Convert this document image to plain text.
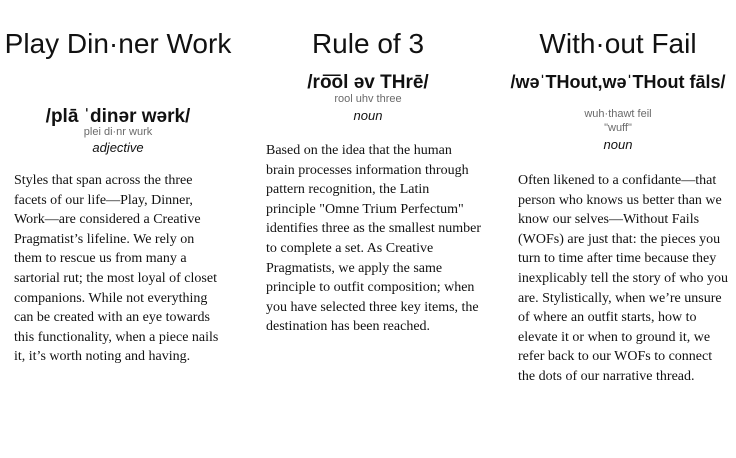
Play Din·ner Work
/plā ˈdinər wərk/
plei di·nr wurk
adjective

Styles that span across the three facets of our life—Play, Dinner, Work—are considered a Creative Pragmatist’s lifeline. We rely on them to rescue us from many a sartorial rut; the most loyal of closet companions. While not everything can be created with an eye towards this functionality, when a piece nails it, it’s worth noting and having.

Rule of 3
/ro͞ol əv THrē/
rool uhv three
noun

Based on the idea that the human brain processes information through pattern recognition, the Latin principle "Omne Trium Perfectum" identifies three as the smallest number to complete a set. As Creative Pragmatists, we apply the same principle to outfit composition; when you have selected three key items, the destination has been reached.

With·out Fail
/wəˈTHout,wəˈTHout fāls/
wuh·thawt feil
"wuff"
noun

Often likened to a confidante—that person who knows us better than we know our selves—Without Fails (WOFs) are just that: the pieces you turn to time after time because they inexplicably tell the story of who you are. Stylistically, when we’re unsure of where an outfit starts, how to elevate it or when to ground it, we refer back to our WOFs to connect the dots of our narrative thread.
